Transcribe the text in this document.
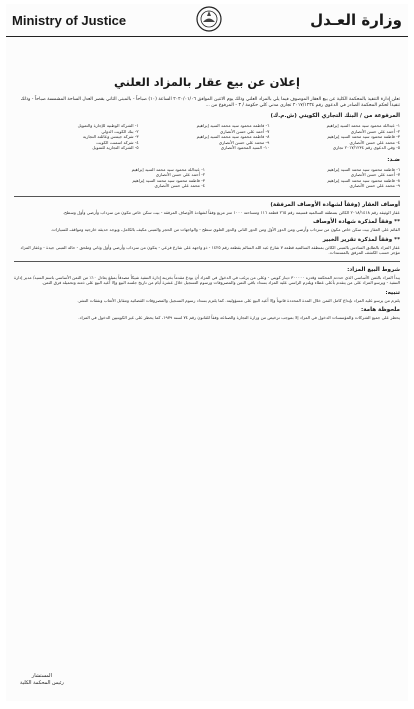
Ministry of Justice	وزارة العـدل
إعلان عن بيع عقار بالمزاد العلني
تعلن إدارة التنفيذ بالمحكمة الكلية عن بيع العقار الموصوف فيما يلي بالمزاد العلني وذلك يوم الاثنين الموافق ٢٠٢٠/٠١/٠٦ الساعة (١٠) صباحاً - بالمبنى الثاني بقصر العدل الساحة المشمسة صباحاً - وذلك تنفيذاً لحكم المحكمة الصادر في الدعوى رقم ٢٠١٧/١٢٣٤ تجاري مدني كلي حكومة / ٣ - المرفوع من ...
المرفوعة من / البنك التجاري الكويتي (ش.م.ك)
١- عبدالله محمود سيد محمد السيد إبراهيم
٢- أحمد علي حسن الأنصاري
٣- فاطمة محمود سيد محمد السيد إبراهيم
٤- محمد علي حسن الأنصاري
٥- وفي الدعوى رقم ٢٠١٧/١٢٣٤ تجاري
٦- فاطمة محمود سيد محمد السيد إبراهيم
٧- أحمد علي حسن الأنصاري
٨- فاطمة محمود سيد محمد السيد إبراهيم
٩- محمد علي حسن الأنصاري
١٠- السيد المحمود الأنصاري
١- الشركة الوطنية للإجارة والتمويل
٢- بنك الكويت الدولي
٣- شركة جيمس وعائلته التجارية
٤- شركة اسمنت الكويت
٥- الشركة التجارية للتمويل
ضـد:
٦- فاطمة محمود سيد محمد السيد إبراهيم
٧- أحمد علي حسن الأنصاري
٨- فاطمة محمود سيد محمد السيد إبراهيم
٩- محمد علي حسن الأنصاري
١- عبدالله محمود سيد محمد السيد إبراهيم
٢- أحمد علي حسن الأنصاري
٣- فاطمة محمود سيد محمد السيد إبراهيم
٤- محمد علي حسن الأنصاري
أوصاف العقار (وفقاً لشهادة الأوصاف المرفقة)
عقار الوثيقة رقم ٢٠١٨/١٤١٨ الكائن بمنطقة السالمية قسيمة رقم ٢٦٥ قطعة ١١٦ ومساحته ١٠٠٠ متر مربع وفقاً لشهادة الأوصاف المرفقة - بيت سكن خاص مكون من سرداب وأرضي وأول وسطح.
** وفقاً لمذكرة شهادة الأوصاف
القائم على العقار بيت سكن خاص مكون من سرداب وأرضي ومن الدور الأول ومن الدور الثاني والدور العلوي سطح - والواجهات من الحجر والمبنى مكيف بالكامل، ويوجد حديقة خارجية ومواقف للسيارات.
** وفقاً لمذكرة تقرير الخبير
عقار المزاد بالطابق السادس بالمبنى الكائن بمنطقة السالمية قطعة ٧ شارع عبد الله السالم بقطعة رقم ١٤٢٥ - ذو واجهة على شارع فرعي - يتكون من سرداب وأرضي وأول وثاني وملحق - حالة المبنى جيدة - وعقار المزاد مؤجر حسب الكشف المرفق بالمستندات.
شروط البيع المزاد:
يبدأ المزاد بالثمن الأساسي الذي حددته المحكمة وقدره ٣٠٠٠٠٠ دينار كويتي - وعلى من يرغب في الدخول في المزاد أن يودع مقدماً بخزينة إدارة التنفيذ شيكاً مصدقاً بمبلغ يعادل ١٠٪ من الثمن الأساسي باسم السيد/ مدير إدارة التنفيذ - ويرسو المزاد على من يتقدم بأعلى عطاء ويلتزم الراسي عليه المزاد بسداد باقي الثمن والمصروفات ورسوم التسجيل خلال عشرة أيام من تاريخ جلسة البيع وإلا أعيد البيع على ذمته وتحميله فرق الثمن.
تنبيه:
يلتزم من يرسو عليه المزاد بإيداع كامل الثمن خلال المدة المحددة قانوناً وإلا أعيد البيع على مسؤوليته. كما يلتزم بسداد رسوم التسجيل والمصروفات القضائية ومقابل الأتعاب ونفقات النشر.
ملحوظة هامة:
يحظر على جميع الشركات والمؤسسات الدخول في المزاد إلا بموجب ترخيص من وزارة التجارة والصناعة وفقاً للقانون رقم ٧٤ لسنة ١٩٧٩، كما يحظر على غير الكويتيين الدخول في المزاد.
المستشار
رئيس المحكمة الكلية
